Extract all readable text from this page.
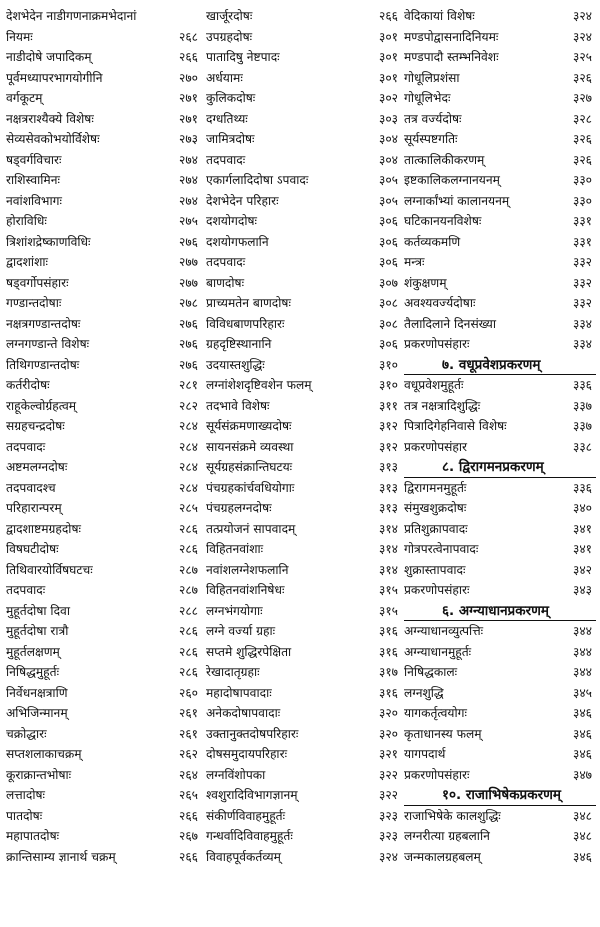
देशभेदेन नाडीगणनाक्रमभेदानां
नियमः	२६८
नाडीदोषे जपादिकम्	२६६
पूर्वमध्यापरभागयोगीनि	२७०
वर्गकूटम्	२७१
नक्षत्रराश्यैक्ये विशेषः	२७१
सेव्यसेवकोभयोर्विशेषः	२७३
षड्वर्गविचारः	२७४
राशिस्वामिनः	२७४
नवांशविभागः	२७४
होराविधिः	२७५
त्रिशांशद्रेष्काणविधिः	२७६
द्वादशांशाः	२७७
षड्वर्गोपसंहारः	२७७
गण्डान्तदोषाः	२७८
नक्षत्रगण्डान्तदोषः	२७६
लग्नगण्डान्ते विशेषः	२७६
तिथिगण्डान्तदोषः	२७६
कर्तरीदोषः	२८१
राहूकेल्वोर्ग्रहत्वम्	२८२
सग्रहचन्द्रदोषः	२८४
तदपवादः	२८४
अष्टमलग्नदोषः	२८४
तदपवादश्च	२८४
परिहारान्परम्	२८५
द्वादशाष्टमग्रहदोषः	२८६
विषघटीदोषः	२८६
तिथिवारयोर्विषघटचः	२८७
तदपवादः	२८७
मुहूर्तदोषा दिवा	२८८
मुहूर्तदोषा रात्रौ	२८६
मुहूर्तलक्षणम्	२८६
निषिद्धमुहूर्तः	२८६
निर्वेधनक्षत्राणि	२६०
अभिजिन्मानम्	२६१
चक्रोद्धारः	२६१
सप्तशलाकाचक्रम्	२६२
कूराक्रान्तभोषाः	२६४
लत्तादोषः	२६५
पातदोषः	२६६
महापातदोषः	२६७
क्रान्तिसाम्य ज्ञानार्थ चक्रम्	२६६
खार्जूरदोषः	२६६
उपग्रहदोषः	३०१
पातादिषु नेष्टपादः	३०१
अर्धयामः	३०१
कुलिकदोषः	३०२
दग्धतिथ्यः	३०३
जामित्रदोषः	३०४
तदपवादः	३०४
एकार्गलादिदोषा ऽपवादः	३०५
देशभेदेन परिहारः	३०५
दशयोगदोषः	३०६
दशयोगफलानि	३०६
तदपवादः	३०६
बाणदोषः	३०७
प्राच्यमतेन बाणदोषः	३०८
विविधबाणपरिहारः	३०८
ग्रहदृष्टिस्थानानि	३०६
उदयास्तशुद्धिः	३१०
लग्नांशेशदृष्टिवशेन फलम्	३१०
तदभावे विशेषः	३११
सूर्यसंक्रमणाख्यदोषः	३१२
सायनसंक्रमे व्यवस्था	३१२
सूर्यग्रहसंक्रान्तिघटयः	३१३
पंचग्रहकांर्चवधियोगाः	३१३
पंचग्रहलग्नदोषः	३१३
तत्प्रयोजनं सापवादम्	३१४
विहितनवांशाः	३१४
नवांशलग्नेशफलानि	३१४
विहितनवांशनिषेधः	३१५
लग्नभंगयोगाः	३१५
लग्ने वर्ज्या ग्रहाः	३१६
सप्तमे शुद्धिरपेक्षिता	३१६
रेखादातृग्रहाः	३१७
महादोषापवादाः	३१६
अनेकदोषापवादाः	३२०
उक्तानुक्तदोषपरिहारः	३२०
दोषसमुदायपरिहारः	३२१
लग्नविंशोपका	३२२
श्वशुरादिविभागज्ञानम्	३२२
संकीर्णविवाहमुहूर्तः	३२३
गन्धर्वादिविवाहमुहूर्तः	३२३
विवाहपूर्वकर्तव्यम्	३२४
वेदिकायां विशेषः	३२४
मण्डपोद्वासनादिनियमः	३२४
मण्डपादौ स्तम्भनिवेशः	३२५
गोधूलिप्रशंसा	३२६
गोधूलिभेदः	३२७
तत्र वर्ज्यदोषः	३२८
सूर्यस्पष्टगतिः	३२६
तात्कालिकीकरणम्	३२६
इष्टकालिकलग्नानयनम्	३३०
लग्नार्कांभ्यां कालानयनम्	३३०
घटिकानयनविशेषः	३३१
कर्तव्यकमणि	३३१
मन्त्रः	३३२
शंकुक्षणम्	३३२
अवश्यवर्ज्यदोषाः	३३२
तैलादिलाने दिनसंख्या	३३४
प्रकरणोपसंहारः	३३४
७. वधूप्रवेशप्रकरणम्
वधूप्रवेशमुहूर्तः	३३६
तत्र नक्षत्रादिशुद्धिः	३३७
पित्रादिगेहनिवासे विशेषः	३३७
प्रकरणोपसंहार	३३८
८. द्विरागमनप्रकरणम्
द्विरागमनमुहूर्तः	३३६
संमुखशुक्रदोषः	३४०
प्रतिशुक्रापवादः	३४१
गोत्रपरत्वेनापवादः	३४१
शुक्रास्तापवादः	३४२
प्रकरणोपसंहारः	३४३
६. अग्न्याधानप्रकरणम्
अग्न्याधानव्युत्पत्तिः	३४४
अग्न्याधानमुहूर्तः	३४४
निषिद्धकालः	३४४
लग्नशुद्धि	३४५
यागकर्तृत्वयोगः	३४६
कृताधानस्य फलम्	३४६
यागपदार्थ	३४६
प्रकरणोपसंहारः	३४७
१०. राजाभिषेकप्रकरणम्
राजाभिषेके कालशुद्धिः	३४८
लग्नरीत्या ग्रहबलानि	३४८
जन्मकालग्रहबलम्	३४६
